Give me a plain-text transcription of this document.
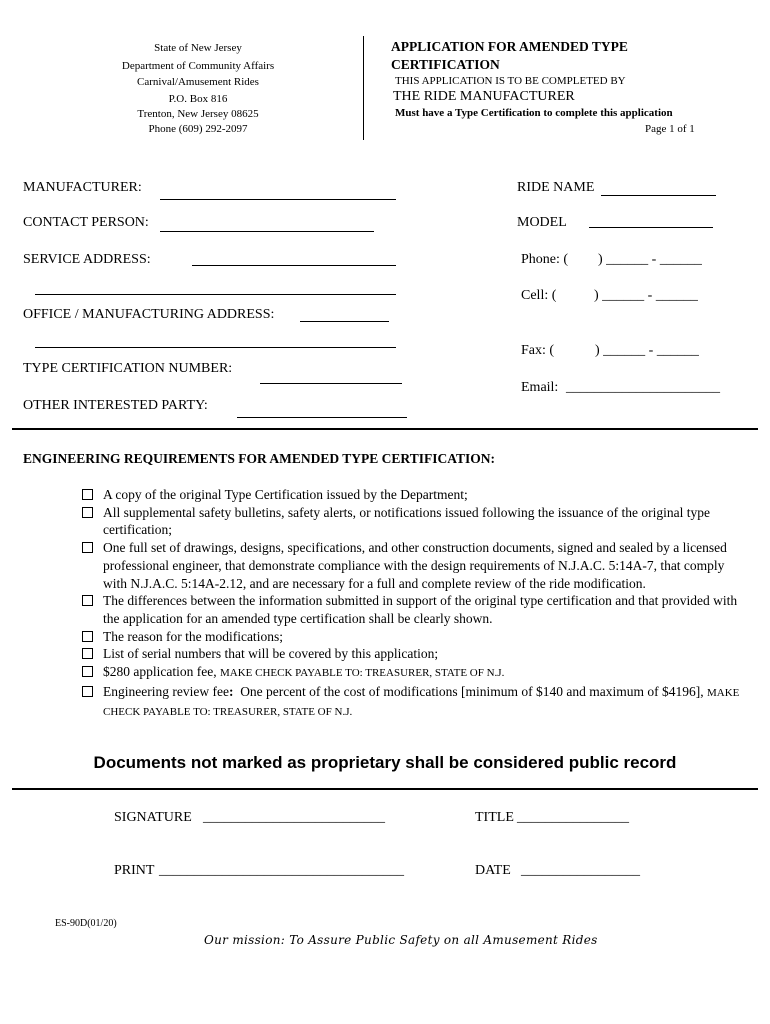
State of New Jersey
Department of Community Affairs
Carnival/Amusement Rides
P.O. Box 816
Trenton, New Jersey 08625
Phone (609) 292-2097
APPLICATION FOR AMENDED TYPE
CERTIFICATION
THIS APPLICATION IS TO BE COMPLETED BY
THE RIDE MANUFACTURER
Must have a Type Certification to complete this application
Page 1 of 1
MANUFACTURER:
CONTACT PERSON:
SERVICE ADDRESS:
OFFICE / MANUFACTURING ADDRESS:
TYPE CERTIFICATION NUMBER:
OTHER INTERESTED PARTY:
RIDE NAME
MODEL
Phone: ( ) ______ - ______
Cell: (	) ______ - ______
Fax: (	) ______ - ______
Email: ______________________
ENGINEERING REQUIREMENTS FOR AMENDED TYPE CERTIFICATION:
A copy of the original Type Certification issued by the Department;
All supplemental safety bulletins, safety alerts, or notifications issued following the issuance of the original type certification;
One full set of drawings, designs, specifications, and other construction documents, signed and sealed by a licensed professional engineer, that demonstrate compliance with the design requirements of N.J.A.C. 5:14A-7, that comply with N.J.A.C. 5:14A-2.12, and are necessary for a full and complete review of the ride modification.
The differences between the information submitted in support of the original type certification and that provided with the application for an amended type certification shall be clearly shown.
The reason for the modifications;
List of serial numbers that will be covered by this application;
$280 application fee, MAKE CHECK PAYABLE TO: TREASURER, STATE OF N.J.
Engineering review fee: One percent of the cost of modifications [minimum of $140 and maximum of $4196], MAKE CHECK PAYABLE TO: TREASURER, STATE OF N.J.
Documents not marked as proprietary shall be considered public record
SIGNATURE __________________________	TITLE ________________
PRINT ___________________________________	DATE _________________
ES-90D(01/20)
Our mission: To Assure Public Safety on all Amusement Rides
